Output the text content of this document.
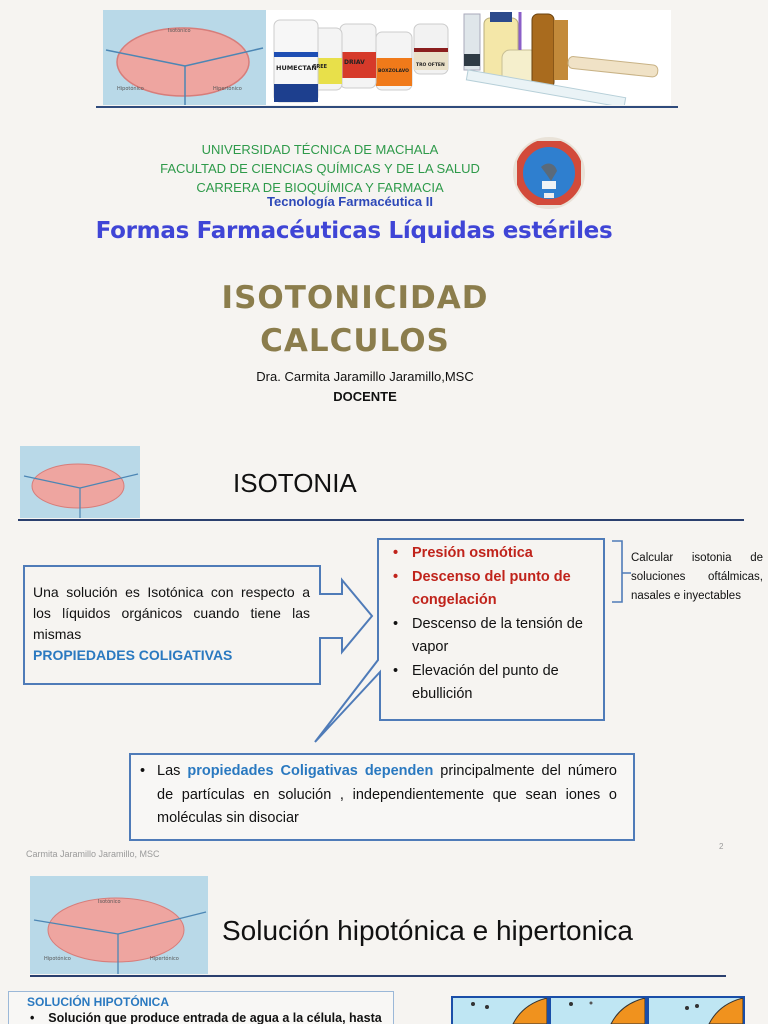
Isotónico
Hipotónico	Hipertónico
HUMECTAN
FREE
DRIAV
BOXZOLAVO
TRO OFTEN
UNIVERSIDAD TÉCNICA DE MACHALA
FACULTAD DE CIENCIAS QUÍMICAS Y DE LA SALUD
CARRERA DE BIOQUÍMICA Y FARMACIA
Tecnología Farmacéutica II
Formas Farmacéuticas Líquidas estériles
ISOTONICIDAD
CALCULOS
Dra. Carmita Jaramillo Jaramillo,MSC
DOCENTE
ISOTONIA
Una solución es Isotónica con respecto a los líquidos orgánicos cuando tiene las mismas
PROPIEDADES COLIGATIVAS
• Presión osmótica
• Descenso del punto de congelación
• Descenso de la tensión de vapor
• Elevación del punto de ebullición
Calcular isotonia de soluciones oftálmicas, nasales e inyectables
• Las propiedades Coligativas dependen principalmente del número de partículas en solución , independientemente que sean iones o moléculas sin disociar
Carmita Jaramillo Jaramillo, MSC
2
Isotónico
Hipotónico	Hipertónico
Solución hipotónica e hipertonica
SOLUCIÓN HIPOTÓNICA
•    Solución que produce entrada de agua a la célula, hasta
